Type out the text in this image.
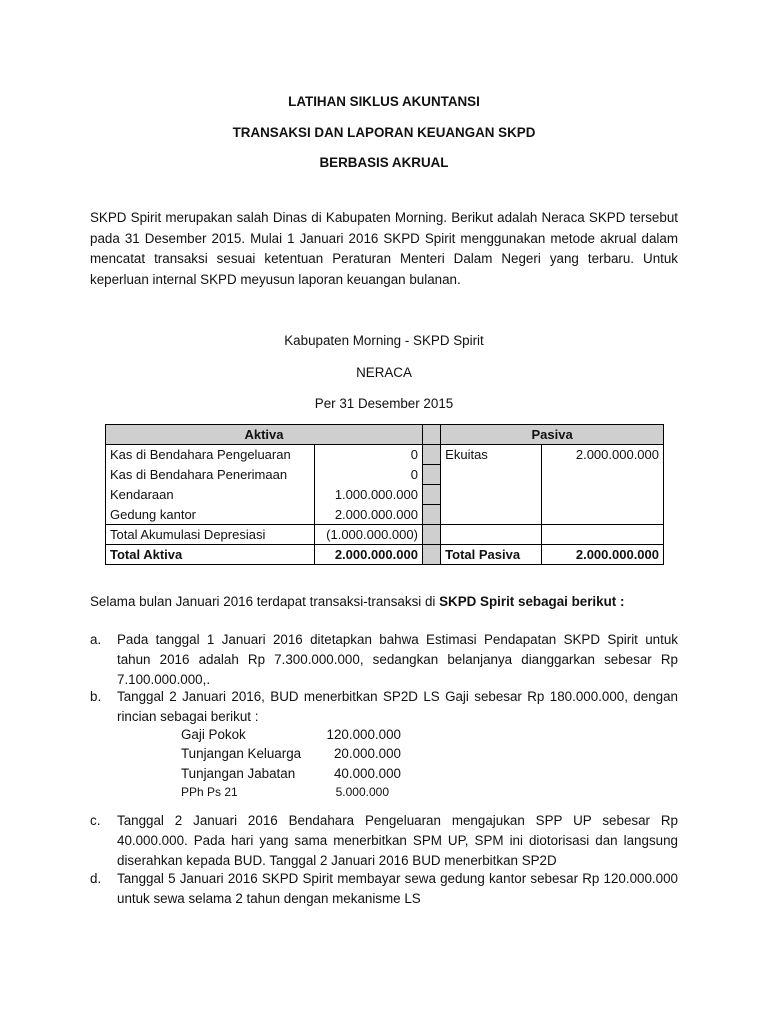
LATIHAN SIKLUS AKUNTANSI
TRANSAKSI DAN LAPORAN KEUANGAN SKPD
BERBASIS AKRUAL
SKPD Spirit merupakan salah Dinas di Kabupaten Morning. Berikut adalah Neraca SKPD tersebut
pada 31 Desember 2015. Mulai 1 Januari 2016 SKPD Spirit menggunakan metode akrual dalam
mencatat transaksi sesuai ketentuan Peraturan Menteri Dalam Negeri yang terbaru. Untuk
keperluan internal SKPD meyusun laporan keuangan bulanan.
Kabupaten Morning - SKPD Spirit
NERACA
Per 31 Desember 2015
Aktiva			Pasiva	
Kas di Bendahara Pengeluaran	0		Ekuitas	2.000.000.000
Kas di Bendahara Penerimaan	0			
Kendaraan	1.000.000.000			
Gedung kantor	2.000.000.000			
Total Akumulasi Depresiasi	(1.000.000.000)			
Total Aktiva	2.000.000.000		Total Pasiva	2.000.000.000
Selama bulan Januari 2016 terdapat transaksi-transaksi di SKPD Spirit sebagai berikut :
a. Pada tanggal 1 Januari 2016 ditetapkan bahwa Estimasi Pendapatan SKPD Spirit untuk
tahun 2016 adalah Rp 7.300.000.000, sedangkan belanjanya dianggarkan sebesar Rp
7.100.000.000,.
b. Tanggal 2 Januari 2016, BUD menerbitkan SP2D LS Gaji sebesar Rp 180.000.000, dengan
rincian sebagai berikut :
Gaji Pokok	120.000.000
Tunjangan Keluarga 20.000.000
Tunjangan Jabatan	40.000.000
PPh Ps 21	5.000.000
c. Tanggal 2 Januari 2016 Bendahara Pengeluaran mengajukan SPP UP sebesar Rp
40.000.000. Pada hari yang sama menerbitkan SPM UP, SPM ini diotorisasi dan langsung
diserahkan kepada BUD. Tanggal 2 Januari 2016 BUD menerbitkan SP2D
d. Tanggal 5 Januari 2016 SKPD Spirit membayar sewa gedung kantor sebesar Rp 120.000.000
untuk sewa selama 2 tahun dengan mekanisme LS
